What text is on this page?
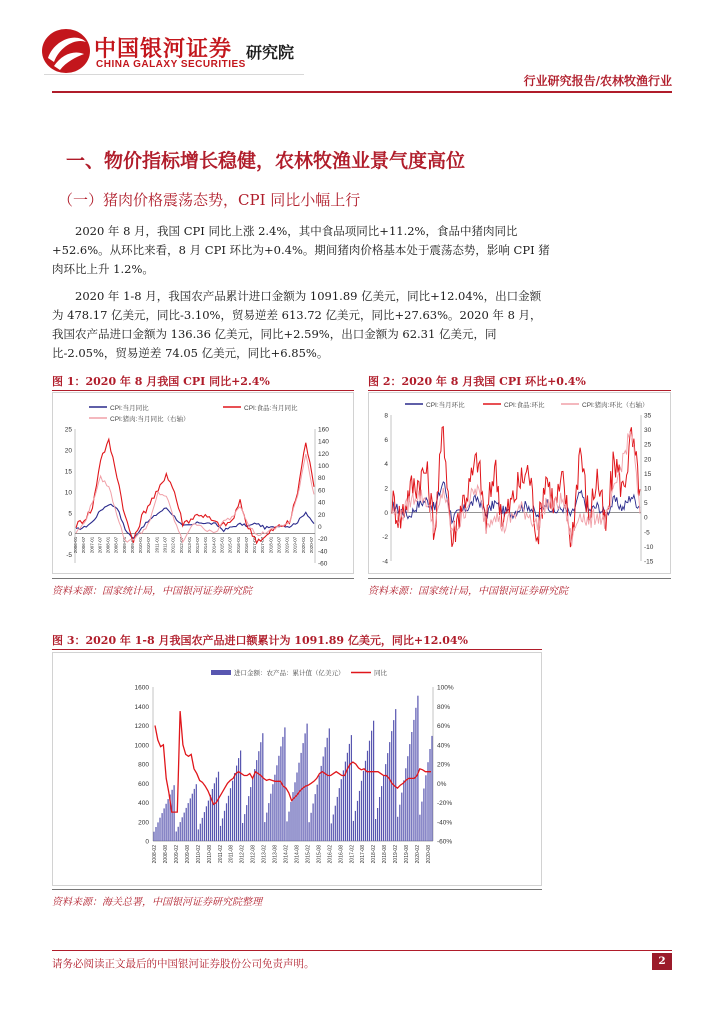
中国银河证券
CHINA GALAXY SECURITIES
研究院
行业研究报告/农林牧渔行业
一、物价指标增长稳健，农林牧渔业景气度高位
（一）猪肉价格震荡态势，CPI 同比小幅上行

2020 年 8 月，我国 CPI 同比上涨 2.4%，其中食品项同比+11.2%，食品中猪肉同比+52.6%。从环比来看，8 月 CPI 环比为+0.4%。期间猪肉价格基本处于震荡态势，影响 CPI 猪肉环比上升 1.2%。

2020 年 1-8 月，我国农产品累计进口金额为 1091.89 亿美元，同比+12.04%，出口金额为 478.17 亿美元，同比-3.10%，贸易逆差 613.72 亿美元，同比+27.63%。2020 年 8 月，我国农产品进口金额为 136.36 亿美元，同比+2.59%，出口金额为 62.31 亿美元，同比-2.05%，贸易逆差 74.05 亿美元，同比+6.85%。

图 1：2020 年 8 月我国 CPI 同比+2.4%
CPI:当月同比	CPI:食品:当月同比
CPI:猪肉:当月同比（右轴）
-5
0
5
10
15
20
25
-60
-40
-20
0
20
40
60
80
100
120
140
160
2006-01 2006-07 2007-01 2007-07 2008-01 2008-07 2009-01 2009-07 2010-01 2010-07 2011-01 2011-07 2012-01 2012-07 2013-01 2013-07 2014-01 2014-07 2015-01 2015-07 2016-01 2016-07 2017-01 2017-07 2018-01 2018-07 2019-01 2019-07 2020-01 2020-07
资料来源：国家统计局，中国银河证券研究院
图 2：2020 年 8 月我国 CPI 环比+0.4%
CPI:当月环比	CPI:食品:环比	CPI:猪肉:环比（右轴）
-4
-2
0
2
4
6
8
-15
-10
-5
0
5
10
15
20
25
30
35
资料来源：国家统计局，中国银河证券研究院
图 3：2020 年 1-8 月我国农产品进口额累计为 1091.89 亿美元，同比+12.04%
进口金额：农产品：累计值（亿美元）	同比
0
200
400
600
800
1000
1200
1400
1600
-60%
-40%
-20%
0%
20%
40%
60%
80%
100%
2008-02 2008-08 2009-02 2009-08 2010-02 2010-08 2011-02 2011-08 2012-02 2012-08 2013-02 2013-08 2014-02 2014-08 2015-02 2015-08 2016-02 2016-08 2017-02 2017-08 2018-02 2018-08 2019-02 2019-08 2020-02 2020-08
资料来源：海关总署，中国银河证券研究院整理
请务必阅读正文最后的中国银河证券股份公司免责声明。	2
